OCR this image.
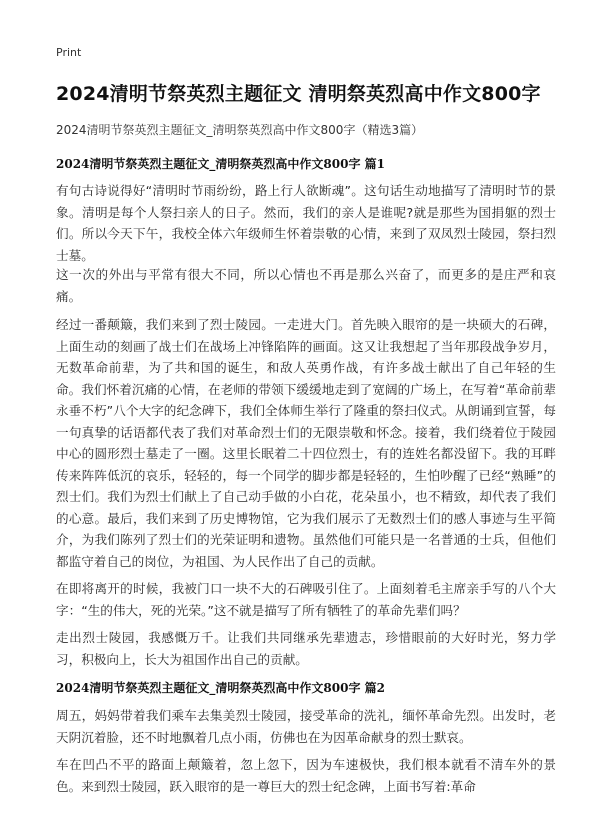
Print
2024清明节祭英烈主题征文 清明祭英烈高中作文800字
2024清明节祭英烈主题征文_清明祭英烈高中作文800字（精选3篇）
2024清明节祭英烈主题征文_清明祭英烈高中作文800字 篇1

有句古诗说得好“清明时节雨纷纷，路上行人欲断魂”。这句话生动地描写了清明时节的景象。清明是每个人祭扫亲人的日子。然而，我们的亲人是谁呢?就是那些为国捐躯的烈士们。所以今天下午，我校全体六年级师生怀着崇敬的心情，来到了双凤烈士陵园，祭扫烈士墓。

这一次的外出与平常有很大不同，所以心情也不再是那么兴奋了，而更多的是庄严和哀痛。

经过一番颠簸，我们来到了烈士陵园。一走进大门。首先映入眼帘的是一块硕大的石碑，上面生动的刻画了战士们在战场上冲锋陷阵的画面。这又让我想起了当年那段战争岁月，无数革命前辈，为了共和国的诞生，和敌人英勇作战，有许多战士献出了自己年轻的生命。我们怀着沉痛的心情，在老师的带领下缓缓地走到了宽阔的广场上，在写着“革命前辈永垂不朽”八个大字的纪念碑下，我们全体师生举行了隆重的祭扫仪式。从朗诵到宣誓，每一句真挚的话语都代表了我们对革命烈士们的无限崇敬和怀念。接着，我们绕着位于陵园中心的圆形烈士墓走了一圈。这里长眠着二十四位烈士，有的连姓名都没留下。我的耳畔传来阵阵低沉的哀乐，轻轻的，每一个同学的脚步都是轻轻的，生怕吵醒了已经“熟睡”的烈士们。我们为烈士们献上了自己动手做的小白花，花朵虽小，也不精致，却代表了我们的心意。最后，我们来到了历史博物馆，它为我们展示了无数烈士们的感人事迹与生平简介，为我们陈列了烈士们的光荣证明和遗物。虽然他们可能只是一名普通的士兵，但他们都监守着自己的岗位，为祖国、为人民作出了自己的贡献。

在即将离开的时候，我被门口一块不大的石碑吸引住了。上面刻着毛主席亲手写的八个大字：“生的伟大，死的光荣。”这不就是描写了所有牺牲了的革命先辈们吗？

走出烈士陵园，我感慨万千。让我们共同继承先辈遗志，珍惜眼前的大好时光，努力学习，积极向上，长大为祖国作出自己的贡献。

2024清明节祭英烈主题征文_清明祭英烈高中作文800字 篇2

周五，妈妈带着我们乘车去集美烈士陵园，接受革命的洗礼，缅怀革命先烈。出发时，老天阴沉着脸，还不时地飘着几点小雨，仿佛也在为因革命献身的烈士默哀。

车在凹凸不平的路面上颠簸着，忽上忽下，因为车速极快，我们根本就看不清车外的景色。来到烈士陵园，跃入眼帘的是一尊巨大的烈士纪念碑，上面书写着:革命
